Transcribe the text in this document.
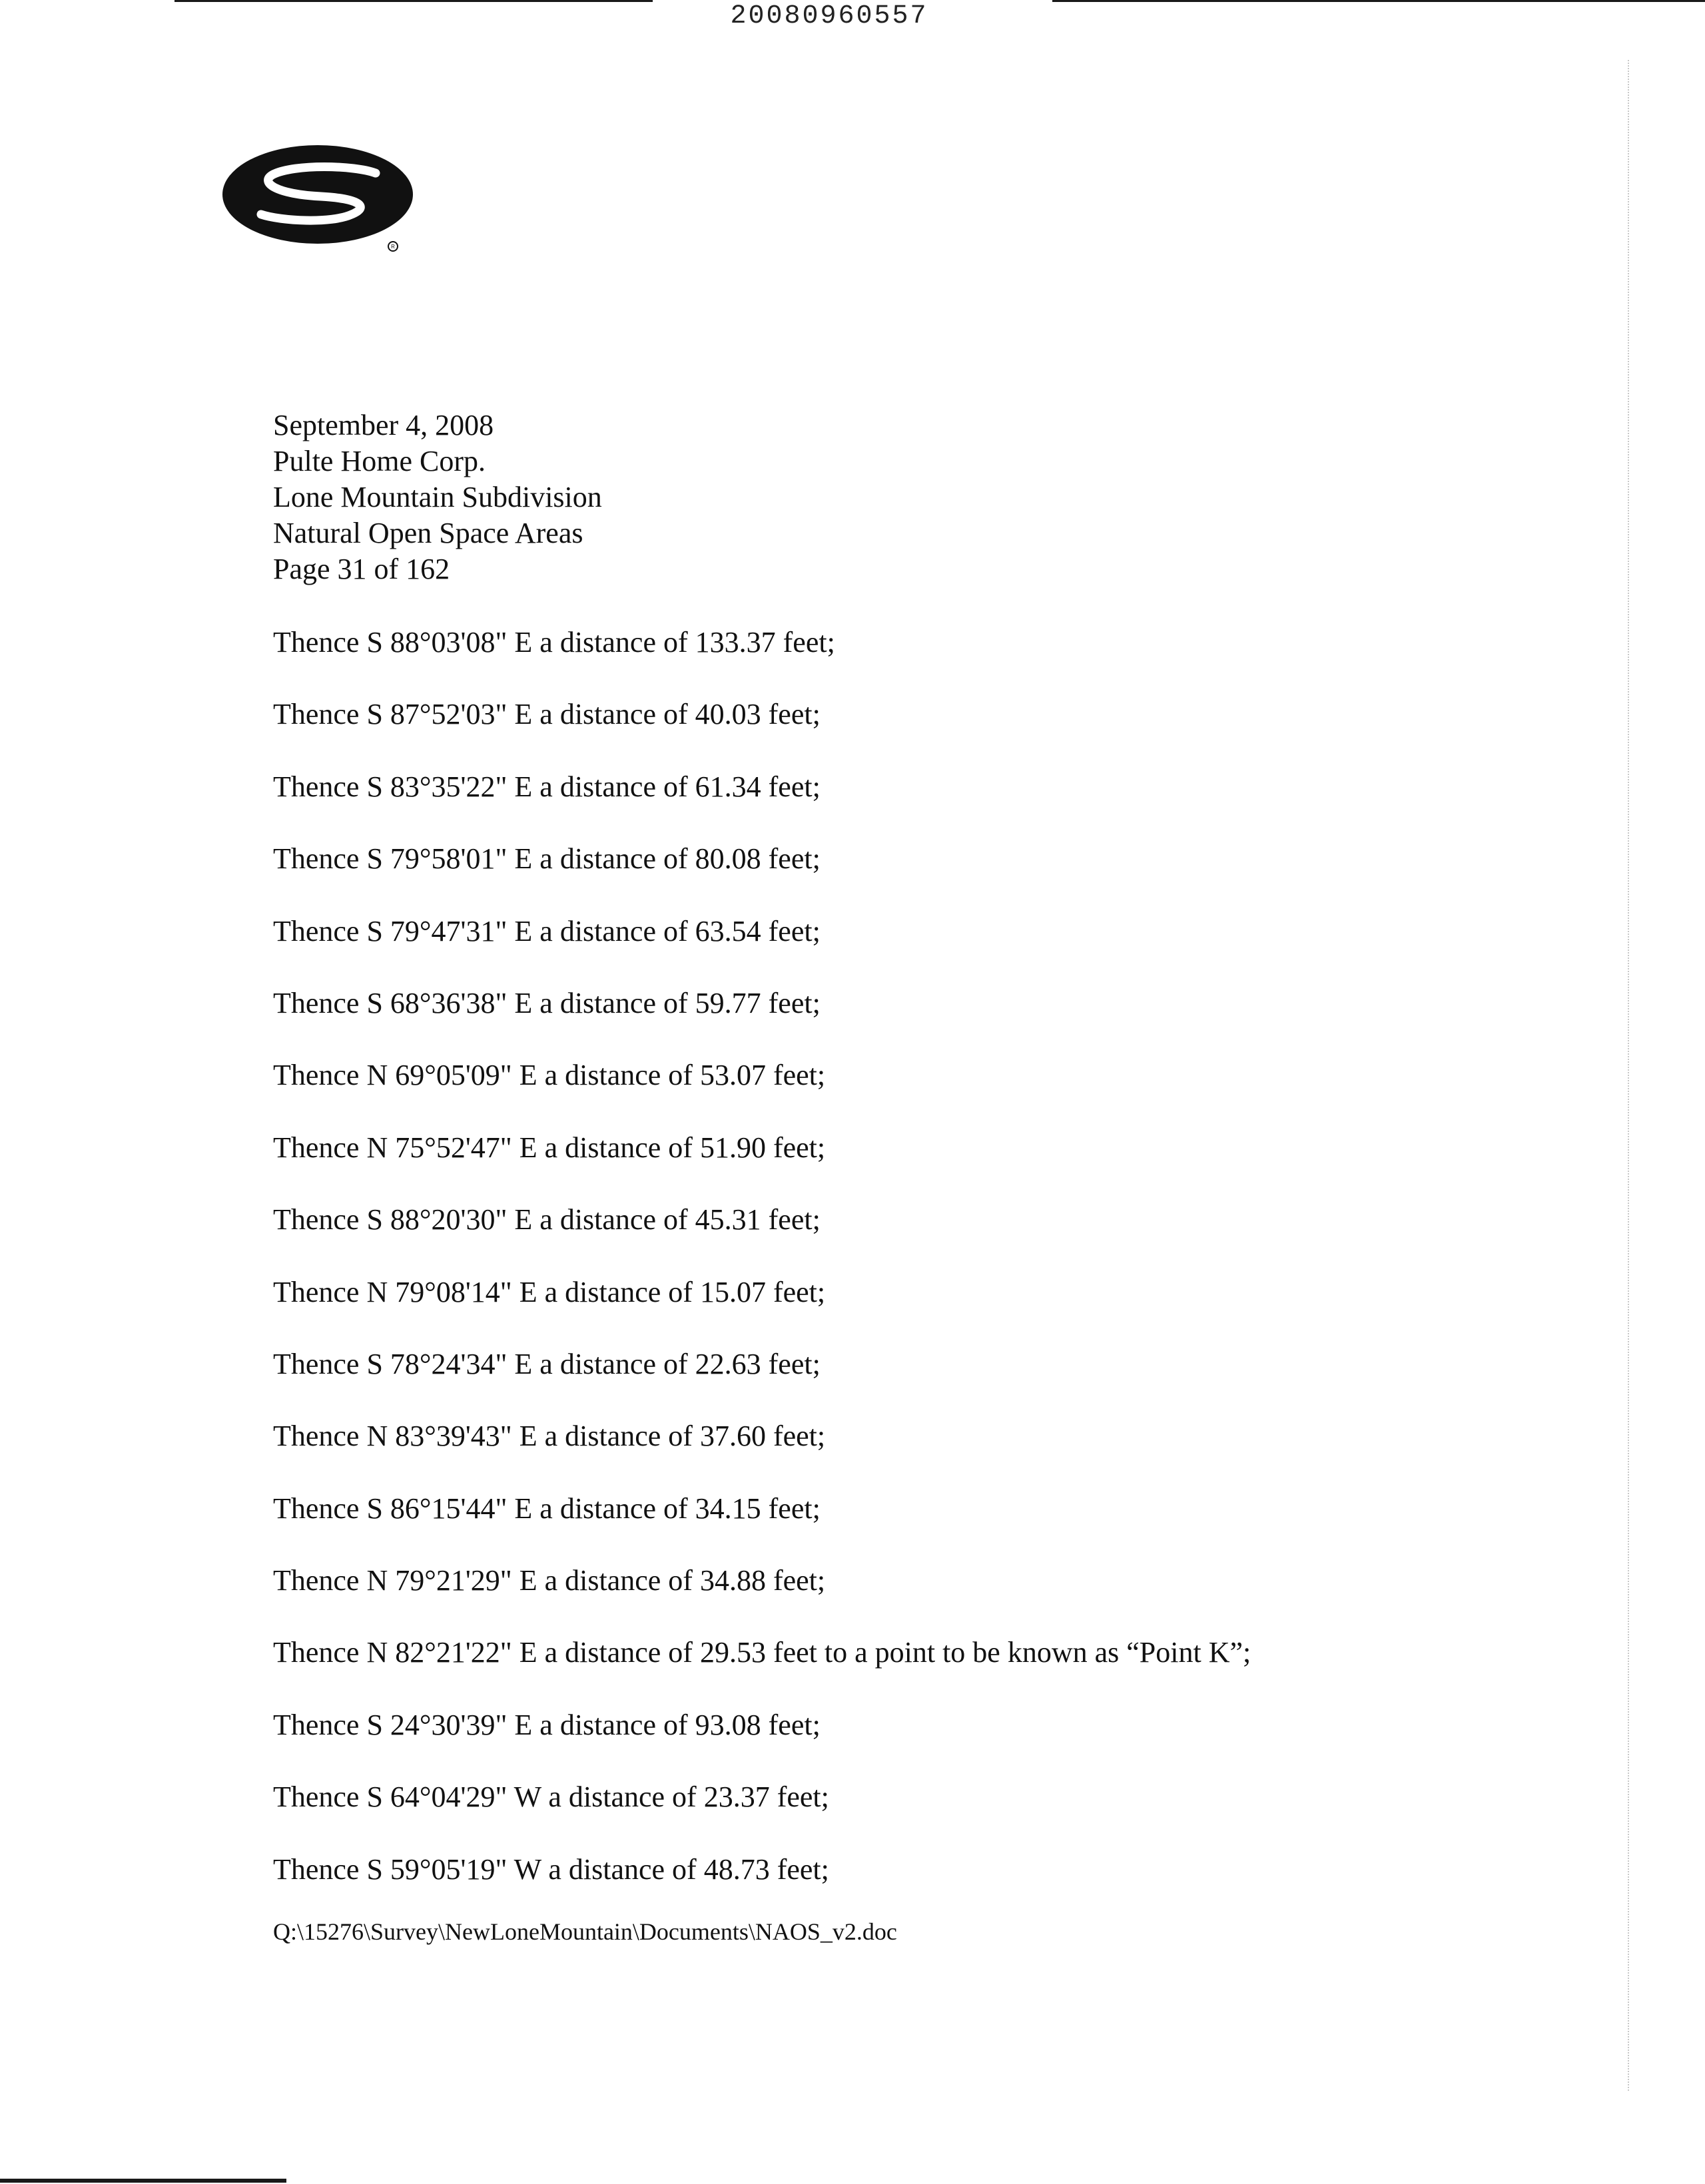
20080960557
R
September 4, 2008
Pulte Home Corp.
Lone Mountain Subdivision
Natural Open Space Areas
Page 31 of 162
Thence S 88°03'08" E a distance of 133.37 feet;
Thence S 87°52'03" E a distance of 40.03 feet;
Thence S 83°35'22" E a distance of 61.34 feet;
Thence S 79°58'01" E a distance of 80.08 feet;
Thence S 79°47'31" E a distance of 63.54 feet;
Thence S 68°36'38" E a distance of 59.77 feet;
Thence N 69°05'09" E a distance of 53.07 feet;
Thence N 75°52'47" E a distance of 51.90 feet;
Thence S 88°20'30" E a distance of 45.31 feet;
Thence N 79°08'14" E a distance of 15.07 feet;
Thence S 78°24'34" E a distance of 22.63 feet;
Thence N 83°39'43" E a distance of 37.60 feet;
Thence S 86°15'44" E a distance of 34.15 feet;
Thence N 79°21'29" E a distance of 34.88 feet;
Thence N 82°21'22" E a distance of 29.53 feet to a point to be known as “Point K”;
Thence S 24°30'39" E a distance of 93.08 feet;
Thence S 64°04'29" W a distance of 23.37 feet;
Thence S 59°05'19" W a distance of 48.73 feet;
Q:\15276\Survey\NewLoneMountain\Documents\NAOS_v2.doc
